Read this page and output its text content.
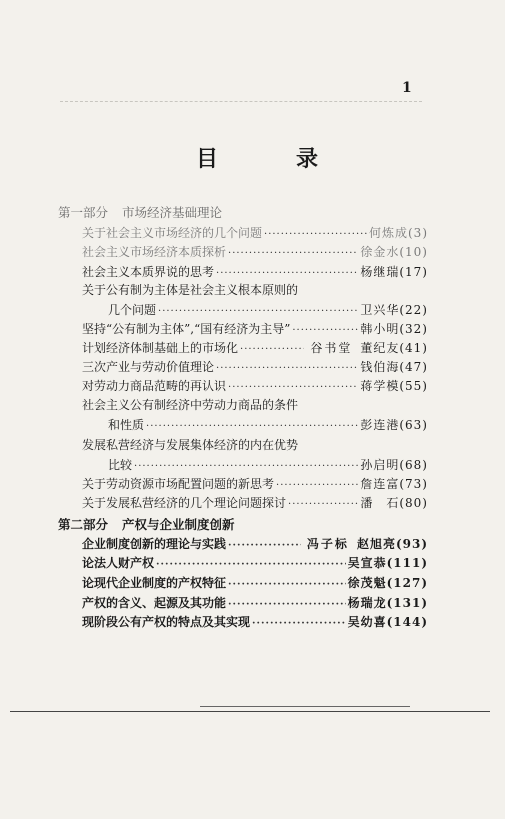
1
目　录
第一部分 市场经济基础理论
关于社会主义市场经济的几个问题 ·····	何炼成(3)
社会主义市场经济本质探析 ·····	徐金水(10)
社会主义本质界说的思考 ·····	杨继瑞(17)
关于公有制为主体是社会主义根本原则的
几个问题 ·····	卫兴华(22)
坚持“公有制为主体”,“国有经济为主导” ·····	韩小明(32)
计划经济体制基础上的市场化 ·····	谷书堂 董纪友(41)
三次产业与劳动价值理论 ·····	钱伯海(47)
对劳动力商品范畴的再认识 ·····	蒋学模(55)
社会主义公有制经济中劳动力商品的条件
和性质 ·····	彭连港(63)
发展私营经济与发展集体经济的内在优势
比较 ·····	孙启明(68)
关于劳动资源市场配置问题的新思考 ·····	詹连富(73)
关于发展私营经济的几个理论问题探讨 ·····	潘　石(80)
第二部分 产权与企业制度创新
企业制度创新的理论与实践 ·····	冯子标 赵旭亮(93)
论法人财产权 ·····	吴宣恭(111)
论现代企业制度的产权特征 ·····	徐茂魁(127)
产权的含义、起源及其功能 ·····	杨瑞龙(131)
现阶段公有产权的特点及其实现 ·····	吴幼喜(144)
